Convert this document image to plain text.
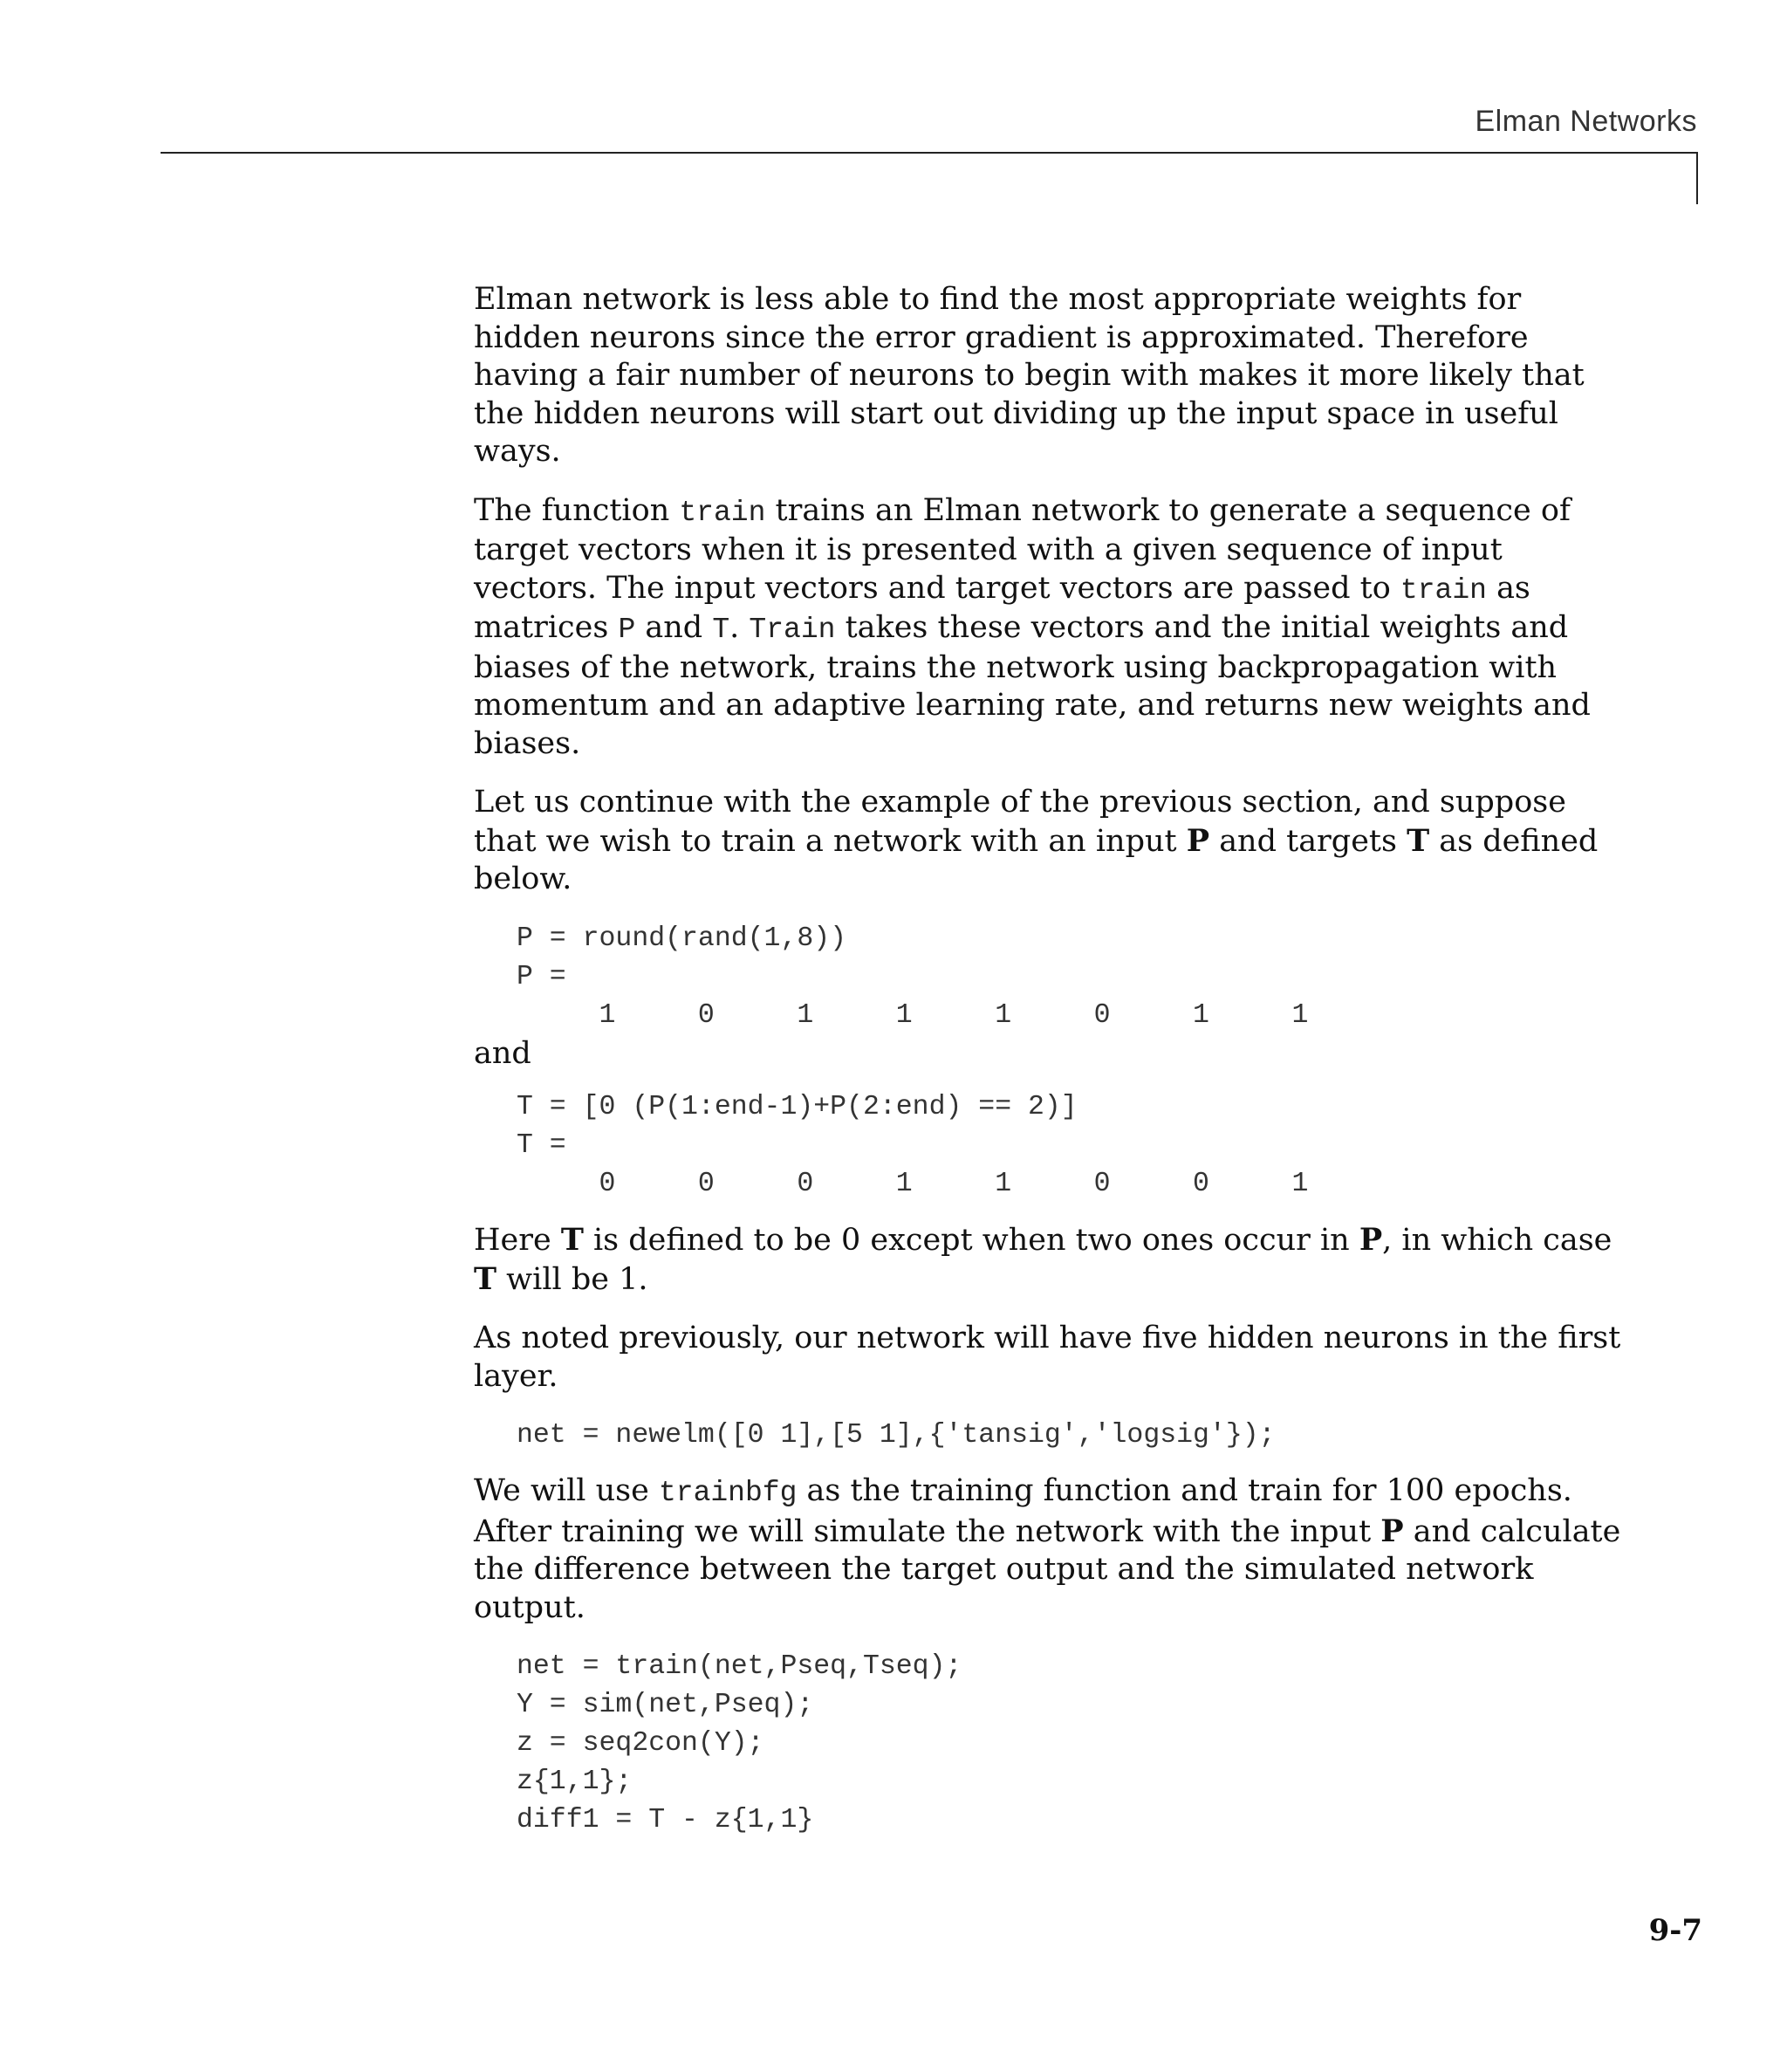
Elman Networks

Elman network is less able to find the most appropriate weights for hidden neurons since the error gradient is approximated. Therefore having a fair number of neurons to begin with makes it more likely that the hidden neurons will start out dividing up the input space in useful ways.

The function train trains an Elman network to generate a sequence of target vectors when it is presented with a given sequence of input vectors. The input vectors and target vectors are passed to train as matrices P and T. Train takes these vectors and the initial weights and biases of the network, trains the network using backpropagation with momentum and an adaptive learning rate, and returns new weights and biases.

Let us continue with the example of the previous section, and suppose that we wish to train a network with an input P and targets T as defined below.

P = round(rand(1,8))
P =
1     0     1     1     1     0     1     1
and
T = [0 (P(1:end-1)+P(2:end) == 2)]
T =
0     0     0     1     1     0     0     1

Here T is defined to be 0 except when two ones occur in P, in which case T will be 1.

As noted previously, our network will have five hidden neurons in the first layer.

net = newelm([0 1],[5 1],{'tansig','logsig'});

We will use trainbfg as the training function and train for 100 epochs. After training we will simulate the network with the input P and calculate the difference between the target output and the simulated network output.

net = train(net,Pseq,Tseq);
Y = sim(net,Pseq);
z = seq2con(Y);
z{1,1};
diff1 = T - z{1,1}
9-7
